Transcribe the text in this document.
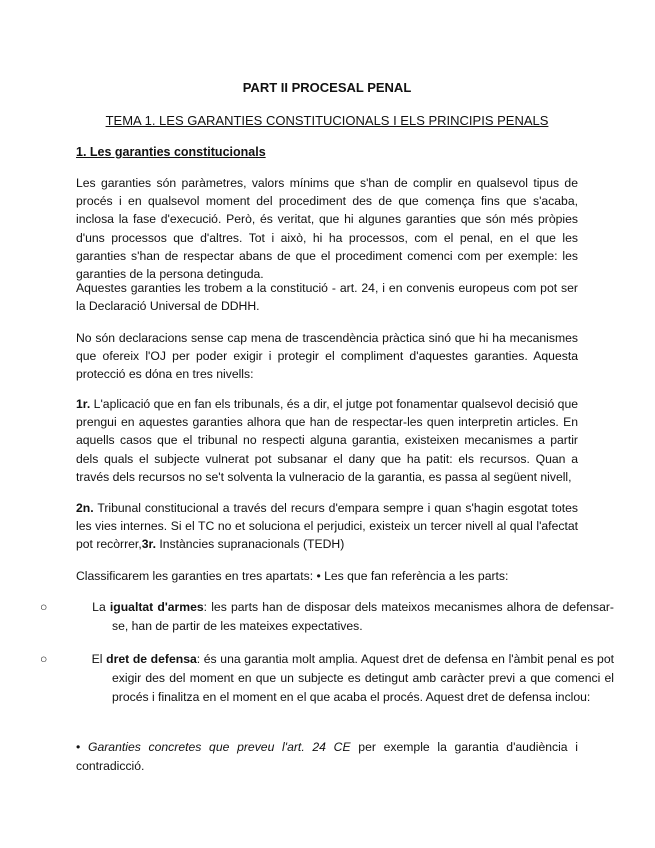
PART II PROCESAL PENAL
TEMA 1. LES GARANTIES CONSTITUCIONALS I ELS PRINCIPIS PENALS
1. Les garanties constitucionals

Les garanties són paràmetres, valors mínims que s'han de complir en qualsevol tipus de procés i en qualsevol moment del procediment des de que comença fins que s'acaba, inclosa la fase d'execució. Però, és veritat, que hi algunes garanties que són més pròpies d'uns processos que d'altres. Tot i això, hi ha processos, com el penal, en el que les garanties s'han de respectar abans de que el procediment comenci com per exemple: les garanties de la persona detinguda.

Aquestes garanties les trobem a la constitució - art. 24, i en convenis europeus com pot ser la Declaració Universal de DDHH.

No són declaracions sense cap mena de trascendència pràctica sinó que hi ha mecanismes que ofereix l'OJ per poder exigir i protegir el compliment d'aquestes garanties. Aquesta protecció es dóna en tres nivells:

1r. L'aplicació que en fan els tribunals, és a dir, el jutge pot fonamentar qualsevol decisió que prengui en aquestes garanties alhora que han de respectar-les quen interpretin articles. En aquells casos que el tribunal no respecti alguna garantia, existeixen mecanismes a partir dels quals el subjecte vulnerat pot subsanar el dany que ha patit: els recursos. Quan a través dels recursos no se't solventa la vulneracio de la garantia, es passa al següent nivell,

2n. Tribunal constitucional a través del recurs d'empara sempre i quan s'hagin esgotat totes les vies internes. Si el TC no et soluciona el perjudici, existeix un tercer nivell al qual l'afectat pot recòrrer,3r. Instàncies supranacionals (TEDH)

Classificarem les garanties en tres apartats: • Les que fan referència a les parts:

○	La igualtat d'armes: les parts han de disposar dels mateixos mecanismes alhora de defensar-se, han de partir de les mateixes expectatives.
○	El dret de defensa: és una garantia molt amplia. Aquest dret de defensa en l'àmbit penal es pot exigir des del moment en que un subjecte es detingut amb caràcter previ a que comenci el procés i finalitza en el moment en el que acaba el procés. Aquest dret de defensa inclou:
• Garanties concretes que preveu l'art. 24 CE per exemple la garantia d'audiència i contradicció.
